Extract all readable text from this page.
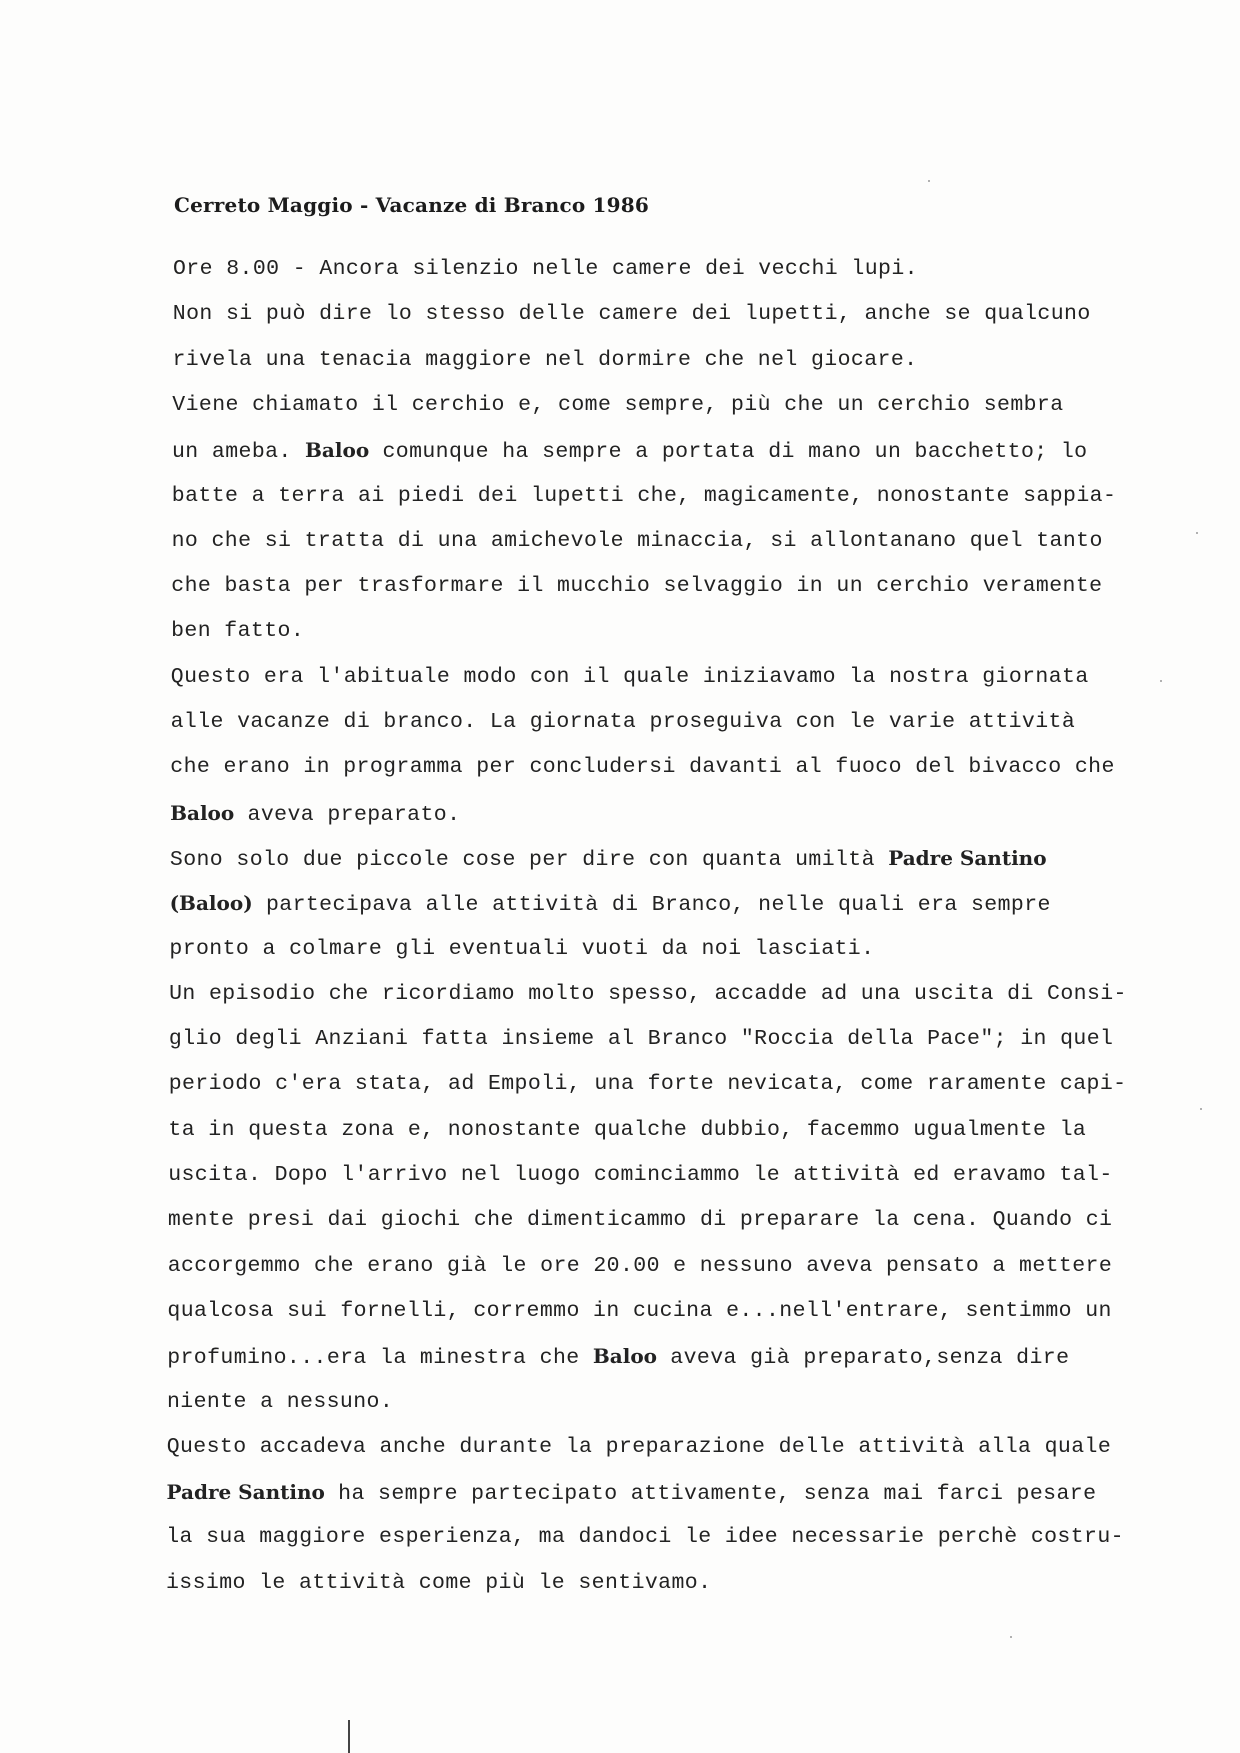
Cerreto Maggio - Vacanze di Branco 1986
Ore 8.00 - Ancora silenzio nelle camere dei vecchi lupi.
Non si può dire lo stesso delle camere dei lupetti, anche se qualcuno
rivela una tenacia maggiore nel dormire che nel giocare.
Viene chiamato il cerchio e, come sempre, più che un cerchio sembra
un ameba. Baloo comunque ha sempre a portata di mano un bacchetto; lo
batte a terra ai piedi dei lupetti che, magicamente, nonostante sappia-
no che si tratta di una amichevole minaccia, si allontanano quel tanto
che basta per trasformare il mucchio selvaggio in un cerchio veramente
ben fatto.
Questo era l'abituale modo con il quale iniziavamo la nostra giornata
alle vacanze di branco. La giornata proseguiva con le varie attività
che erano in programma per concludersi davanti al fuoco del bivacco che
Baloo aveva preparato.
Sono solo due piccole cose per dire con quanta umiltà Padre Santino
(Baloo) partecipava alle attività di Branco, nelle quali era sempre
pronto a colmare gli eventuali vuoti da noi lasciati.
Un episodio che ricordiamo molto spesso, accadde ad una uscita di Consi-
glio degli Anziani fatta insieme al Branco "Roccia della Pace"; in quel
periodo c'era stata, ad Empoli, una forte nevicata, come raramente capi-
ta in questa zona e, nonostante qualche dubbio, facemmo ugualmente la
uscita. Dopo l'arrivo nel luogo cominciammo le attività ed eravamo tal-
mente presi dai giochi che dimenticammo di preparare la cena. Quando ci
accorgemmo che erano già le ore 20.00 e nessuno aveva pensato a mettere
qualcosa sui fornelli, corremmo in cucina e...nell'entrare, sentimmo un
profumino...era la minestra che Baloo aveva già preparato,senza dire
niente a nessuno.
Questo accadeva anche durante la preparazione delle attività alla quale
Padre Santino ha sempre partecipato attivamente, senza mai farci pesare
la sua maggiore esperienza, ma dandoci le idee necessarie perchè costru-
issimo le attività come più le sentivamo.
